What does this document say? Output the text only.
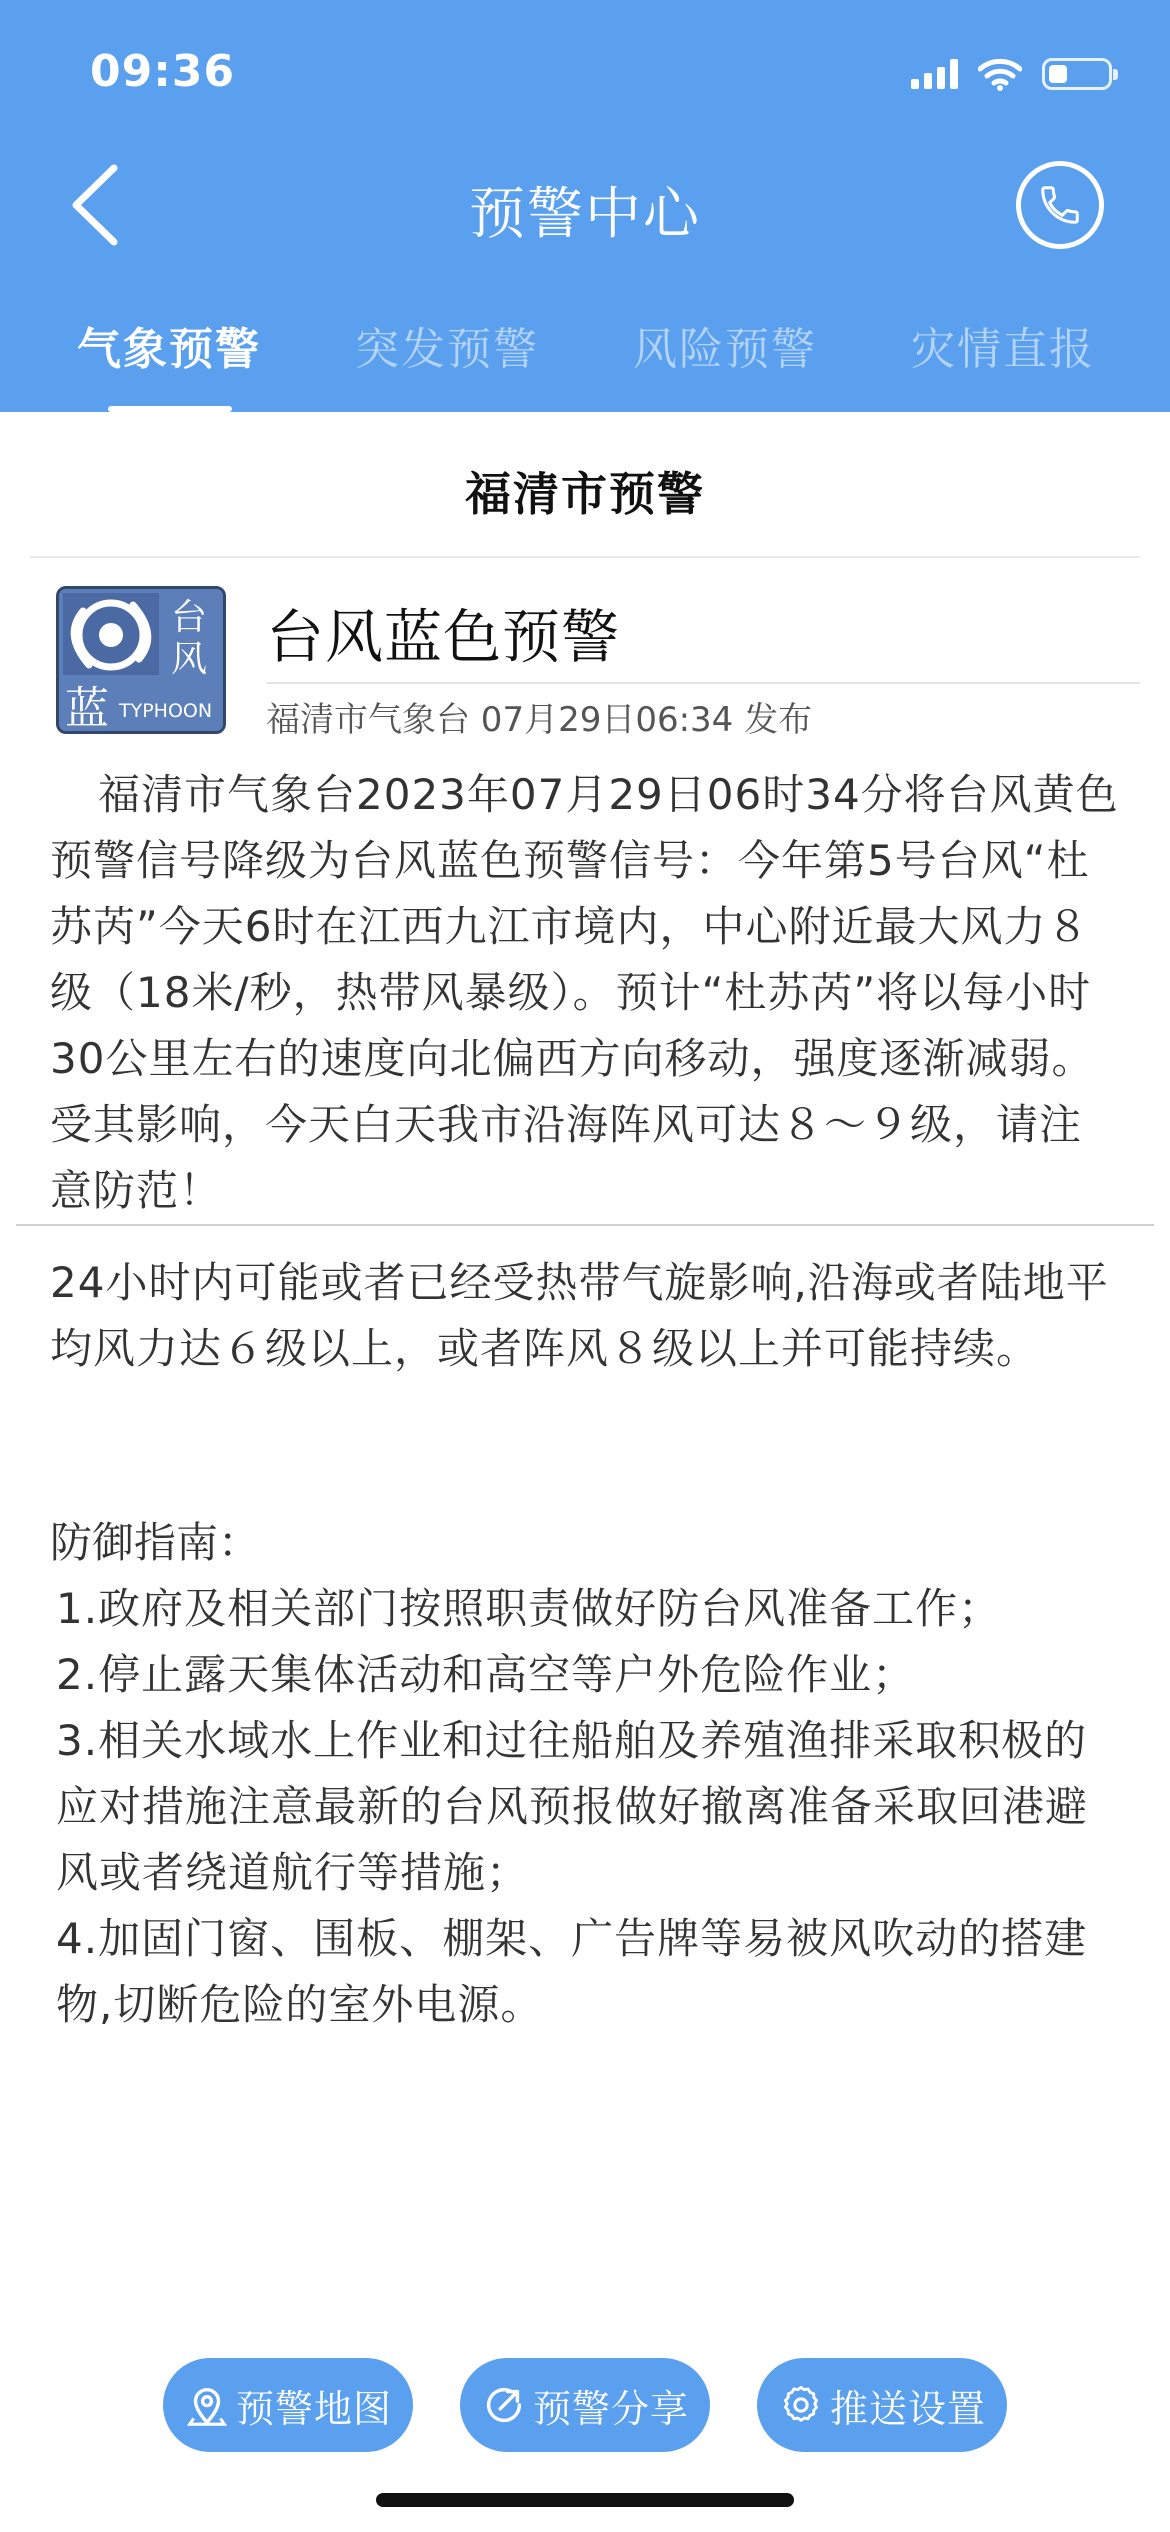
09:36
预警中心
气象预警	突发预警	风险预警	灾情直报
福清市预警
台
风
蓝 TYPHOON
台风蓝色预警
福清市气象台 07月29日06:34 发布

福清市气象台2023年07月29日06时34分将台风黄色预警信号降级为台风蓝色预警信号：今年第5号台风“杜苏芮”今天6时在江西九江市境内，中心附近最大风力８级（18米/秒，热带风暴级）。预计“杜苏芮”将以每小时30公里左右的速度向北偏西方向移动，强度逐渐减弱。受其影响，今天白天我市沿海阵风可达８～９级，请注意防范！

24小时内可能或者已经受热带气旋影响,沿海或者陆地平均风力达６级以上，或者阵风８级以上并可能持续。

防御指南：
1.政府及相关部门按照职责做好防台风准备工作；
2.停止露天集体活动和高空等户外危险作业；
3.相关水域水上作业和过往船舶及养殖渔排采取积极的应对措施注意最新的台风预报做好撤离准备采取回港避风或者绕道航行等措施；
4.加固门窗、围板、棚架、广告牌等易被风吹动的搭建物,切断危险的室外电源。
预警地图	预警分享	推送设置
